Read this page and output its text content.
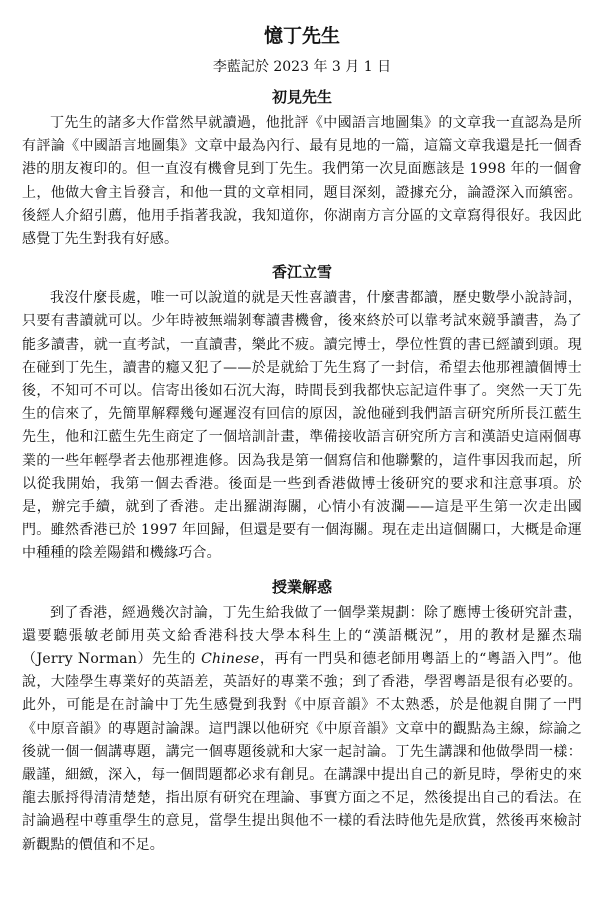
憶丁先生
李藍記於 2023 年 3 月 1 日
初見先生

丁先生的諸多大作當然早就讀過，他批評《中國語言地圖集》的文章我一直認為是所有評論《中國語言地圖集》文章中最為內行、最有見地的一篇，這篇文章我還是托一個香港的朋友複印的。但一直沒有機會見到丁先生。我們第一次見面應該是 1998 年的一個會上，他做大會主旨發言，和他一貫的文章相同，題目深刻，證據充分，論證深入而縝密。後經人介紹引薦，他用手指著我說，我知道你，你湖南方言分區的文章寫得很好。我因此感覺丁先生對我有好感。

香江立雪

我沒什麼長處，唯一可以說道的就是天性喜讀書，什麼書都讀，歷史數學小說詩詞，只要有書讀就可以。少年時被無端剝奪讀書機會，後來終於可以靠考試來競爭讀書，為了能多讀書，就一直考試，一直讀書，樂此不疲。讀完博士，學位性質的書已經讀到頭。現在碰到丁先生，讀書的癮又犯了——於是就給丁先生寫了一封信，希望去他那裡讀個博士後，不知可不可以。信寄出後如石沉大海，時間長到我都快忘記這件事了。突然一天丁先生的信來了，先簡單解釋幾句遲遲沒有回信的原因，說他碰到我們語言研究所所長江藍生先生，他和江藍生先生商定了一個培訓計畫，準備接收語言研究所方言和漢語史這兩個專業的一些年輕學者去他那裡進修。因為我是第一個寫信和他聯繫的，這件事因我而起，所以從我開始，我第一個去香港。後面是一些到香港做博士後研究的要求和注意事項。於是，辦完手續，就到了香港。走出羅湖海關，心情小有波瀾——這是平生第一次走出國門。雖然香港已於 1997 年回歸，但還是要有一個海關。現在走出這個關口，大概是命運中種種的陰差陽錯和機緣巧合。

授業解惑

到了香港，經過幾次討論，丁先生給我做了一個學業規劃：除了應博士後研究計畫，還要聽張敏老師用英文給香港科技大學本科生上的“漢語概況”，用的教材是羅杰瑞（Jerry Norman）先生的 Chinese，再有一門吳和德老師用粵語上的“粵語入門”。他說，大陸學生專業好的英語差，英語好的專業不強；到了香港，學習粵語是很有必要的。此外，可能是在討論中丁先生感覺到我對《中原音韻》不太熟悉，於是他親自開了一門《中原音韻》的專題討論課。這門課以他研究《中原音韻》文章中的觀點為主線，綜論之後就一個一個講專題，講完一個專題後就和大家一起討論。丁先生講課和他做學問一樣：嚴謹，細緻，深入，每一個問題都必求有創見。在講課中提出自己的新見時，學術史的來龍去脈捋得清清楚楚，指出原有研究在理論、事實方面之不足，然後提出自己的看法。在討論過程中尊重學生的意見，當學生提出與他不一樣的看法時他先是欣賞，然後再來檢討新觀點的價值和不足。
